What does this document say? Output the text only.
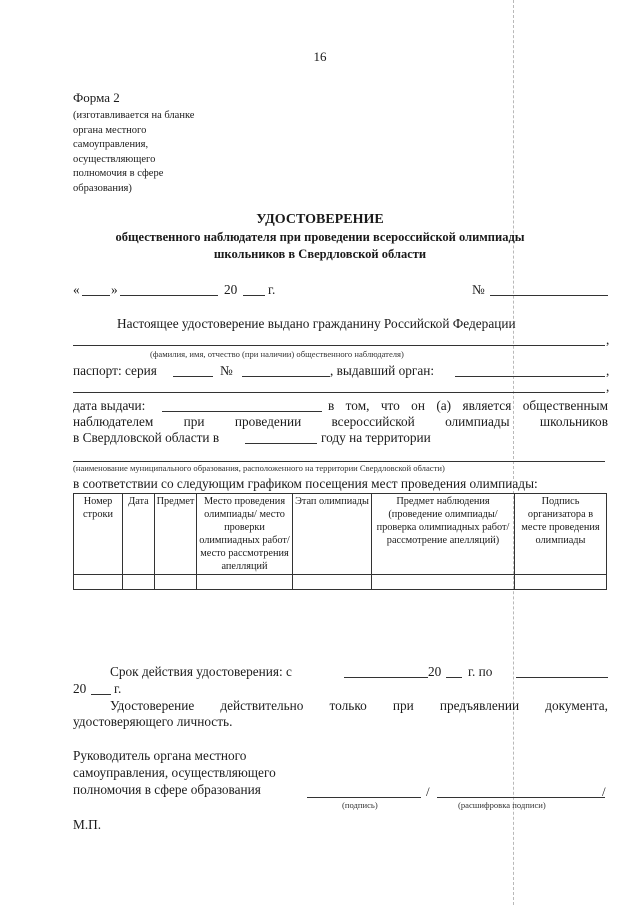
16
Форма 2
(изготавливается на бланке
органа местного
самоуправления,
осуществляющего
полномочия в сфере
образования)
УДОСТОВЕРЕНИЕ
общественного наблюдателя при проведении всероссийской олимпиады
школьников в Свердловской области
« »	20 г.	№
Настоящее удостоверение выдано гражданину Российской Федерации
,
(фамилия, имя, отчество (при наличии) общественного наблюдателя)
паспорт: серия	№	, выдавший орган:	,
,
дата выдачи:	в том, что он (а) является общественным
наблюдателем при проведении всероссийской олимпиады школьников
в Свердловской области в	году на территории
(наименование муниципального образования, расположенного на территории Свердловской области)
в соответствии со следующим графиком посещения мест проведения олимпиады:
Номер строки	Дата	Предмет	Место проведения олимпиады/ место проверки олимпиадных работ/место рассмотрения апелляций	Этап олимпиады	Предмет наблюдения (проведение олимпиады/проверка олимпиадных работ/рассмотрение апелляций)	Подпись организатора в месте проведения олимпиады

Срок действия удостоверения: с	20 г. по
20 г.
Удостоверение действительно только при предъявлении документа,
удостоверяющего личность.
Руководитель органа местного
самоуправления, осуществляющего
полномочия в сфере образования	/	/
(подпись)	(расшифровка подписи)
М.П.
